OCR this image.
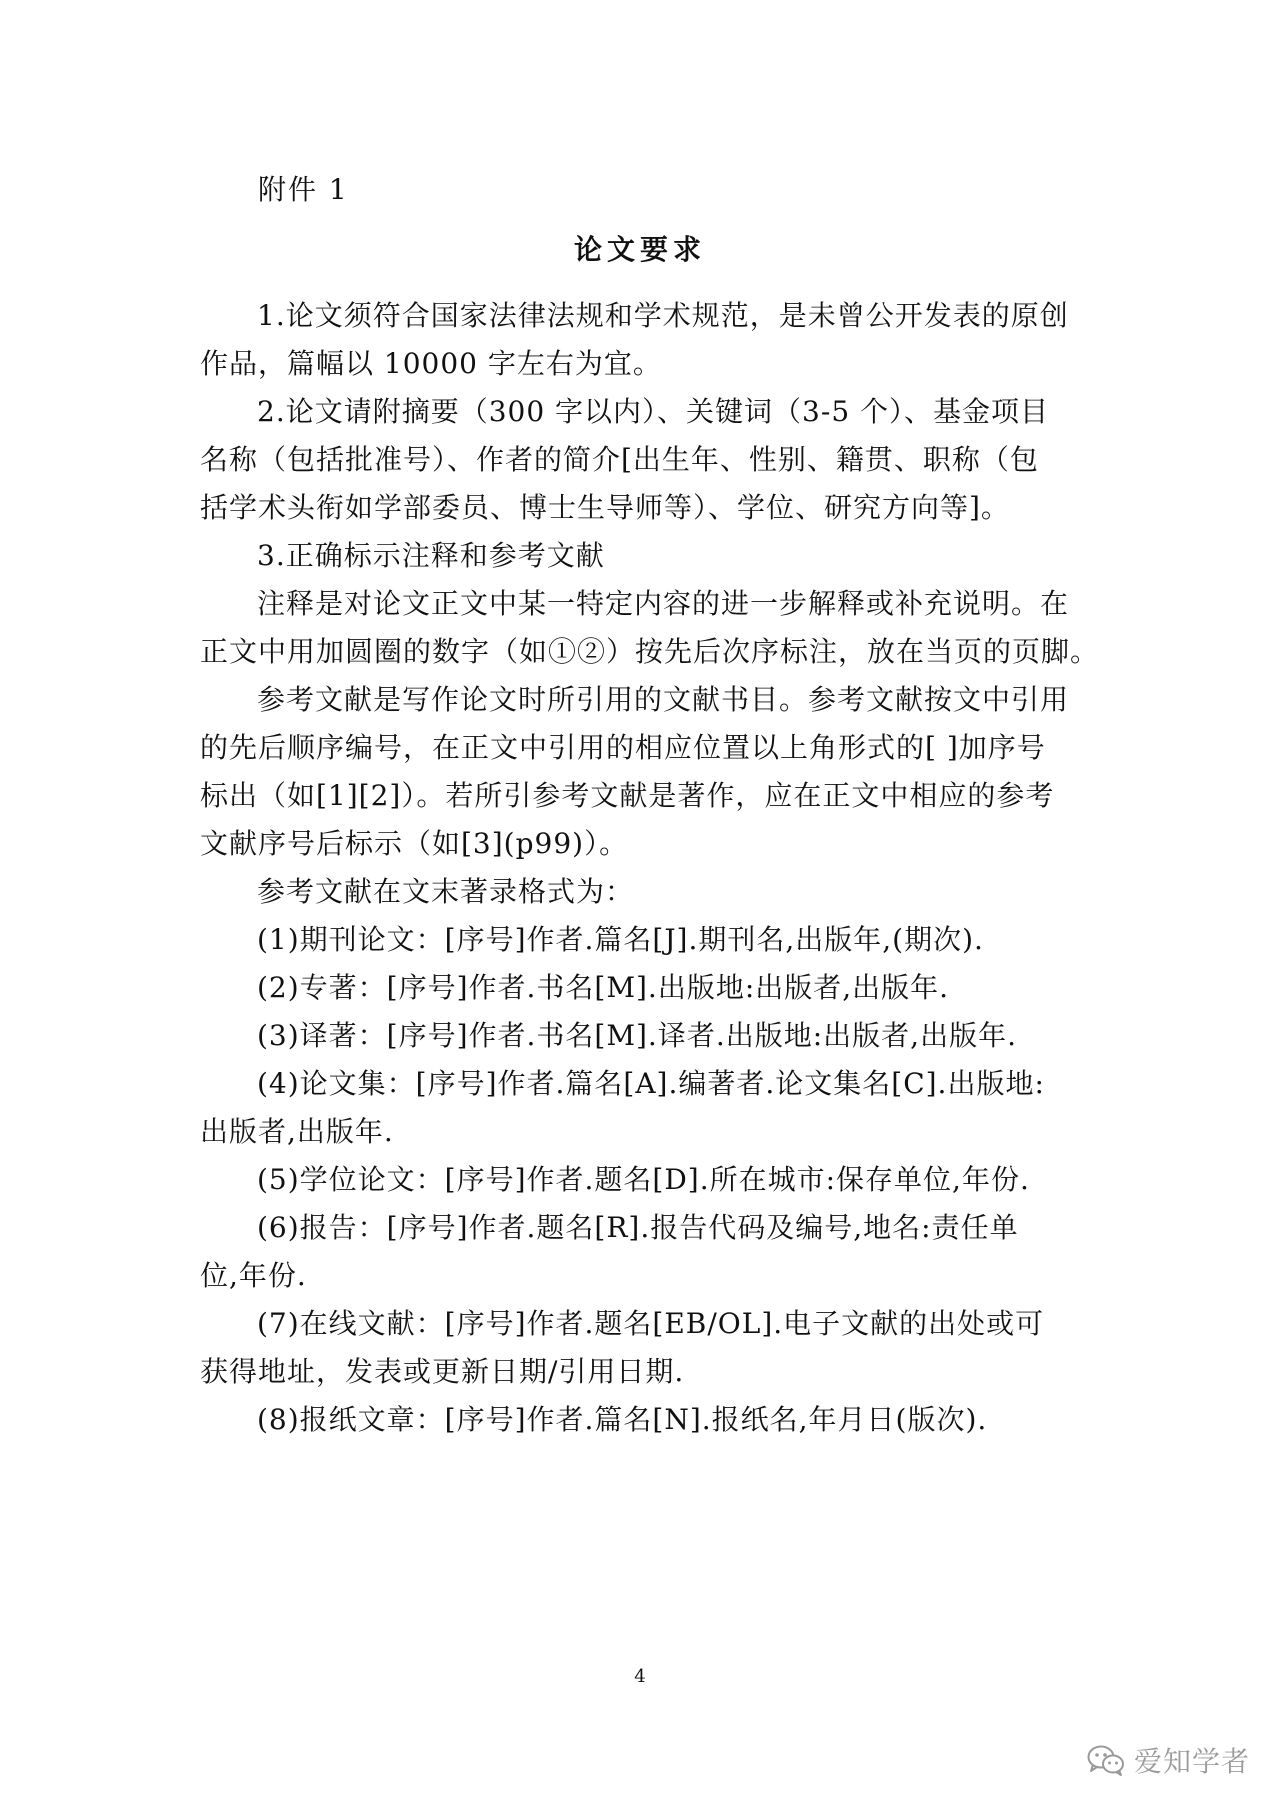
附件 1

论文要求

1.论文须符合国家法律法规和学术规范，是未曾公开发表的原创
作品，篇幅以 10000 字左右为宜。

2.论文请附摘要（300 字以内）、关键词（3-5 个）、基金项目
名称（包括批准号）、作者的简介[出生年、性别、籍贯、职称（包
括学术头衔如学部委员、博士生导师等）、学位、研究方向等]。

3.正确标示注释和参考文献

注释是对论文正文中某一特定内容的进一步解释或补充说明。在
正文中用加圆圈的数字（如①②）按先后次序标注，放在当页的页脚。

参考文献是写作论文时所引用的文献书目。参考文献按文中引用
的先后顺序编号，在正文中引用的相应位置以上角形式的[ ]加序号
标出（如[1][2]）。若所引参考文献是著作，应在正文中相应的参考
文献序号后标示（如[3](p99)）。

参考文献在文末著录格式为：

(1)期刊论文：[序号]作者.篇名[J].期刊名,出版年,(期次).

(2)专著：[序号]作者.书名[M].出版地:出版者,出版年.

(3)译著：[序号]作者.书名[M].译者.出版地:出版者,出版年.

(4)论文集：[序号]作者.篇名[A].编著者.论文集名[C].出版地:
出版者,出版年.

(5)学位论文：[序号]作者.题名[D].所在城市:保存单位,年份.

(6)报告：[序号]作者.题名[R].报告代码及编号,地名:责任单
位,年份.

(7)在线文献：[序号]作者.题名[EB/OL].电子文献的出处或可
获得地址，发表或更新日期/引用日期.

(8)报纸文章：[序号]作者.篇名[N].报纸名,年月日(版次).

4
爱知学者
